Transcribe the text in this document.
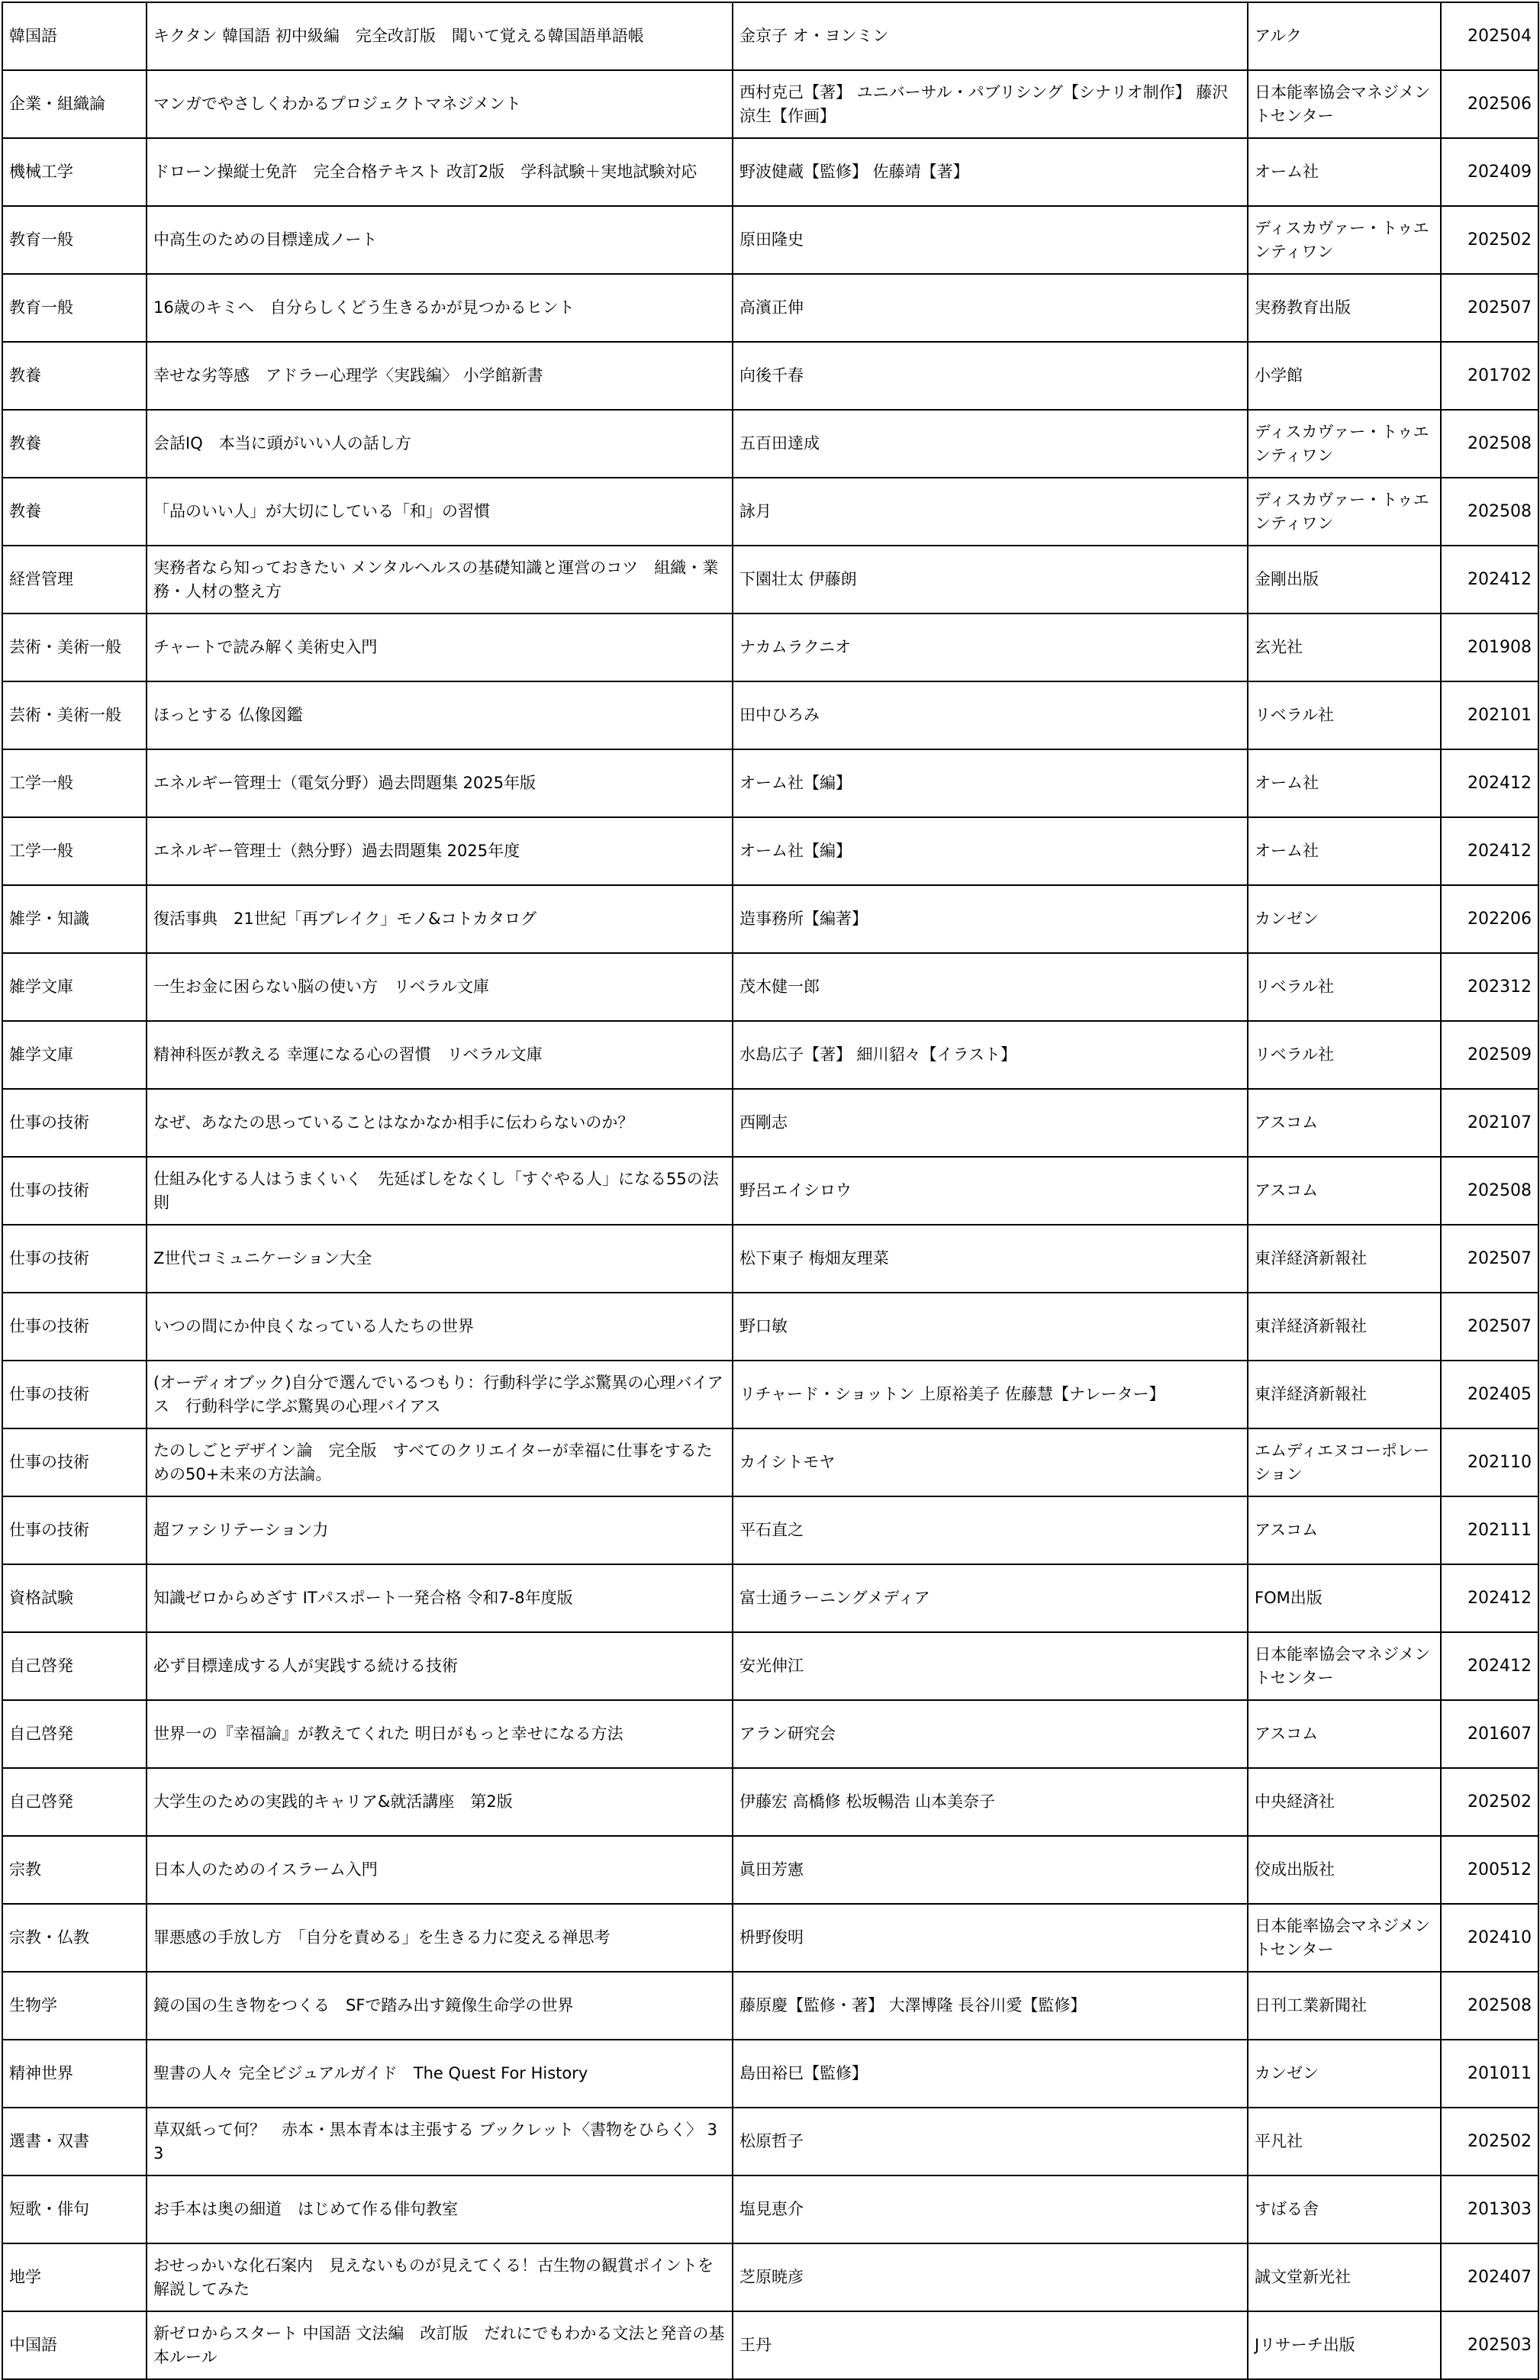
韓国語	キクタン 韓国語 初中級編　完全改訂版　聞いて覚える韓国語単語帳	金京子 オ・ヨンミン	アルク	202504
企業・組織論	マンガでやさしくわかるプロジェクトマネジメント	西村克己【著】 ユニバーサル・パブリシング【シナリオ制作】 藤沢涼生【作画】	日本能率協会マネジメントセンター	202506
機械工学	ドローン操縦士免許　完全合格テキスト 改訂2版　学科試験＋実地試験対応	野波健蔵【監修】 佐藤靖【著】	オーム社	202409
教育一般	中高生のための目標達成ノート	原田隆史	ディスカヴァー・トゥエンティワン	202502
教育一般	16歳のキミへ　自分らしくどう生きるかが見つかるヒント	高濱正伸	実務教育出版	202507
教養	幸せな劣等感　アドラー心理学〈実践編〉 小学館新書	向後千春	小学館	201702
教養	会話IQ　本当に頭がいい人の話し方	五百田達成	ディスカヴァー・トゥエンティワン	202508
教養	「品のいい人」が大切にしている「和」の習慣	詠月	ディスカヴァー・トゥエンティワン	202508
経営管理	実務者なら知っておきたい メンタルヘルスの基礎知識と運営のコツ　組織・業務・人材の整え方	下園壮太 伊藤朗	金剛出版	202412
芸術・美術一般	チャートで読み解く美術史入門	ナカムラクニオ	玄光社	201908
芸術・美術一般	ほっとする 仏像図鑑	田中ひろみ	リベラル社	202101
工学一般	エネルギー管理士（電気分野）過去問題集 2025年版	オーム社【編】	オーム社	202412
工学一般	エネルギー管理士（熱分野）過去問題集 2025年度	オーム社【編】	オーム社	202412
雑学・知識	復活事典　21世紀「再ブレイク」モノ&コトカタログ	造事務所【編著】	カンゼン	202206
雑学文庫	一生お金に困らない脳の使い方　リベラル文庫	茂木健一郎	リベラル社	202312
雑学文庫	精神科医が教える 幸運になる心の習慣　リベラル文庫	水島広子【著】 細川貂々【イラスト】	リベラル社	202509
仕事の技術	なぜ、あなたの思っていることはなかなか相手に伝わらないのか？	西剛志	アスコム	202107
仕事の技術	仕組み化する人はうまくいく　先延ばしをなくし「すぐやる人」になる55の法則	野呂エイシロウ	アスコム	202508
仕事の技術	Z世代コミュニケーション大全	松下東子 梅畑友理菜	東洋経済新報社	202507
仕事の技術	いつの間にか仲良くなっている人たちの世界	野口敏	東洋経済新報社	202507
仕事の技術	(オーディオブック)自分で選んでいるつもり：行動科学に学ぶ驚異の心理バイアス　行動科学に学ぶ驚異の心理バイアス	リチャード・ショットン 上原裕美子 佐藤慧【ナレーター】	東洋経済新報社	202405
仕事の技術	たのしごとデザイン論　完全版　すべてのクリエイターが幸福に仕事をするための50+未来の方法論。	カイシトモヤ	エムディエヌコーポレーション	202110
仕事の技術	超ファシリテーション力	平石直之	アスコム	202111
資格試験	知識ゼロからめざす ITパスポート一発合格 令和7-8年度版	富士通ラーニングメディア	FOM出版	202412
自己啓発	必ず目標達成する人が実践する続ける技術	安光伸江	日本能率協会マネジメントセンター	202412
自己啓発	世界一の『幸福論』が教えてくれた 明日がもっと幸せになる方法	アラン研究会	アスコム	201607
自己啓発	大学生のための実践的キャリア&就活講座　第2版	伊藤宏 高橋修 松坂暢浩 山本美奈子	中央経済社	202502
宗教	日本人のためのイスラーム入門	眞田芳憲	佼成出版社	200512
宗教・仏教	罪悪感の手放し方　「自分を責める」を生きる力に変える禅思考	枡野俊明	日本能率協会マネジメントセンター	202410
生物学	鏡の国の生き物をつくる　SFで踏み出す鏡像生命学の世界	藤原慶【監修・著】 大澤博隆 長谷川愛【監修】	日刊工業新聞社	202508
精神世界	聖書の人々 完全ビジュアルガイド　The Quest For History	島田裕巳【監修】	カンゼン	201011
選書・双書	草双紙って何？　赤本・黒本青本は主張する ブックレット〈書物をひらく〉 33	松原哲子	平凡社	202502
短歌・俳句	お手本は奥の細道　はじめて作る俳句教室	塩見恵介	すばる舎	201303
地学	おせっかいな化石案内　見えないものが見えてくる！古生物の観賞ポイントを解説してみた	芝原暁彦	誠文堂新光社	202407
中国語	新ゼロからスタート 中国語 文法編　改訂版　だれにでもわかる文法と発音の基本ルール	王丹	Jリサーチ出版	202503
